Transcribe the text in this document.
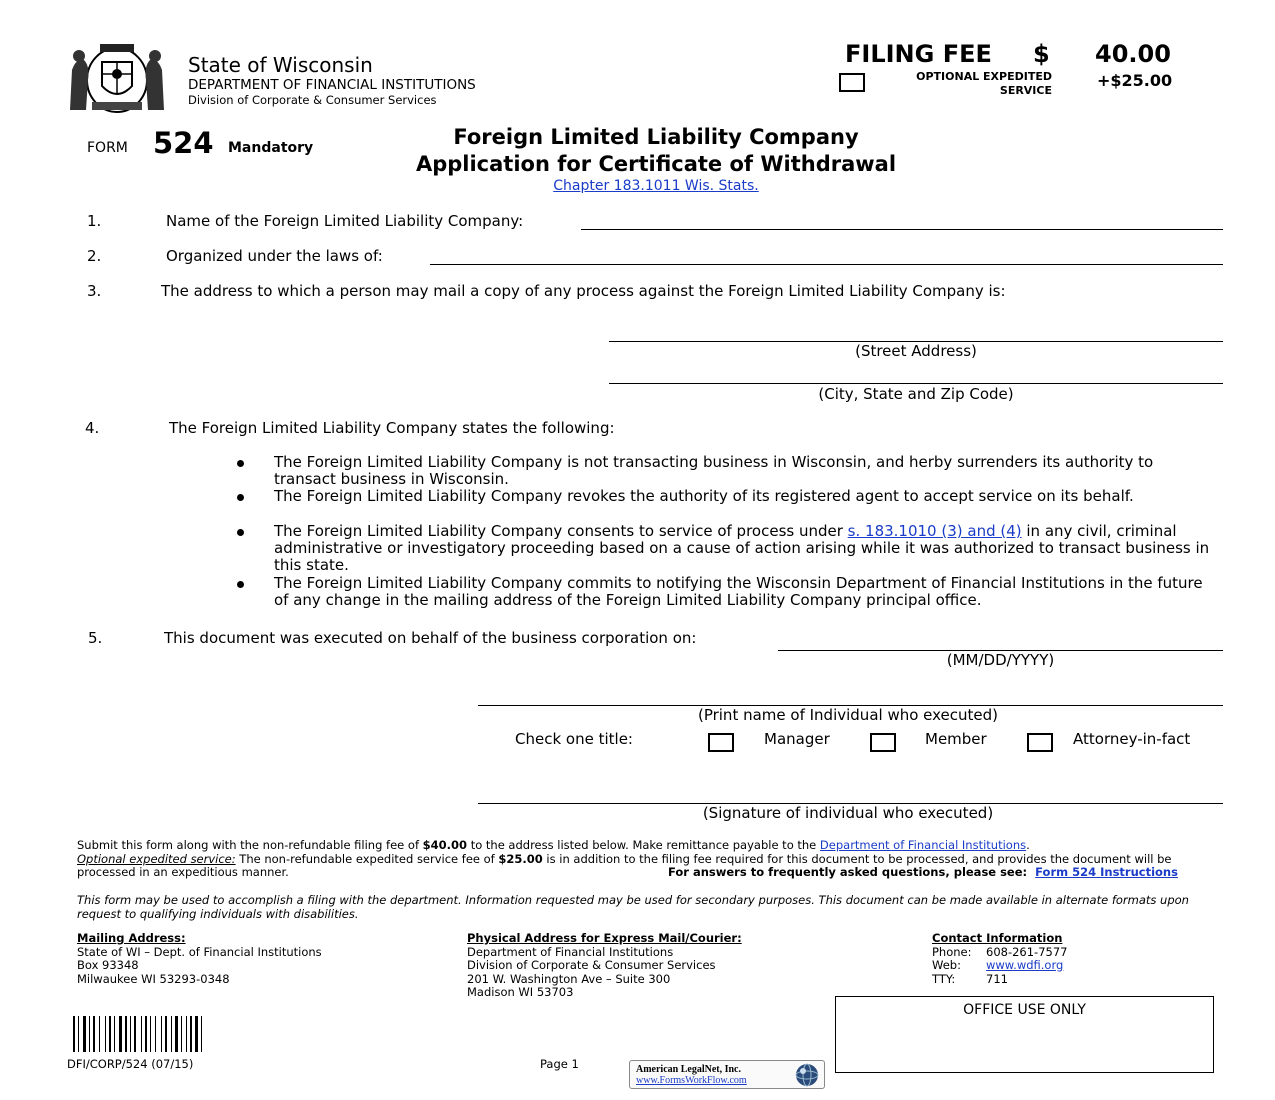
State of Wisconsin
DEPARTMENT OF FINANCIAL INSTITUTIONS
Division of Corporate & Consumer Services
FILING FEE $ 40.00
OPTIONAL EXPEDITED
SERVICE
+$25.00
FORM 524 Mandatory	Foreign Limited Liability Company
Application for Certificate of Withdrawal
Chapter 183.1011 Wis. Stats.
1.	Name of the Foreign Limited Liability Company:
2.	Organized under the laws of:
3.	The address to which a person may mail a copy of any process against the Foreign Limited Liability Company is:
(Street Address)
(City, State and Zip Code)
4.	The Foreign Limited Liability Company states the following:
The Foreign Limited Liability Company is not transacting business in Wisconsin, and herby surrenders its authority to transact business in Wisconsin.
The Foreign Limited Liability Company revokes the authority of its registered agent to accept service on its behalf.
The Foreign Limited Liability Company consents to service of process under s. 183.1010 (3) and (4) in any civil, criminal administrative or investigatory proceeding based on a cause of action arising while it was authorized to transact business in this state.
The Foreign Limited Liability Company commits to notifying the Wisconsin Department of Financial Institutions in the future of any change in the mailing address of the Foreign Limited Liability Company principal office.
5.	This document was executed on behalf of the business corporation on:
(MM/DD/YYYY)
(Print name of Individual who executed)
Check one title:	Manager	Member	Attorney-in-fact
(Signature of individual who executed)
Submit this form along with the non-refundable filing fee of $40.00 to the address listed below. Make remittance payable to the Department of Financial Institutions.
Optional expedited service: The non-refundable expedited service fee of $25.00 is in addition to the filing fee required for this document to be processed, and provides the document will be processed in an expeditious manner.	For answers to frequently asked questions, please see: Form 524 Instructions
This form may be used to accomplish a filing with the department. Information requested may be used for secondary purposes. This document can be made available in alternate formats upon request to qualifying individuals with disabilities.
Mailing Address:
State of WI – Dept. of Financial Institutions
Box 93348
Milwaukee WI 53293-0348
Physical Address for Express Mail/Courier:
Department of Financial Institutions
Division of Corporate & Consumer Services
201 W. Washington Ave – Suite 300
Madison WI 53703
Contact Information
Phone: 608-261-7577
Web: www.wdfi.org
TTY:	711
OFFICE USE ONLY
DFI/CORP/524 (07/15)	Page 1	American LegalNet, Inc.
www.FormsWorkFlow.com
